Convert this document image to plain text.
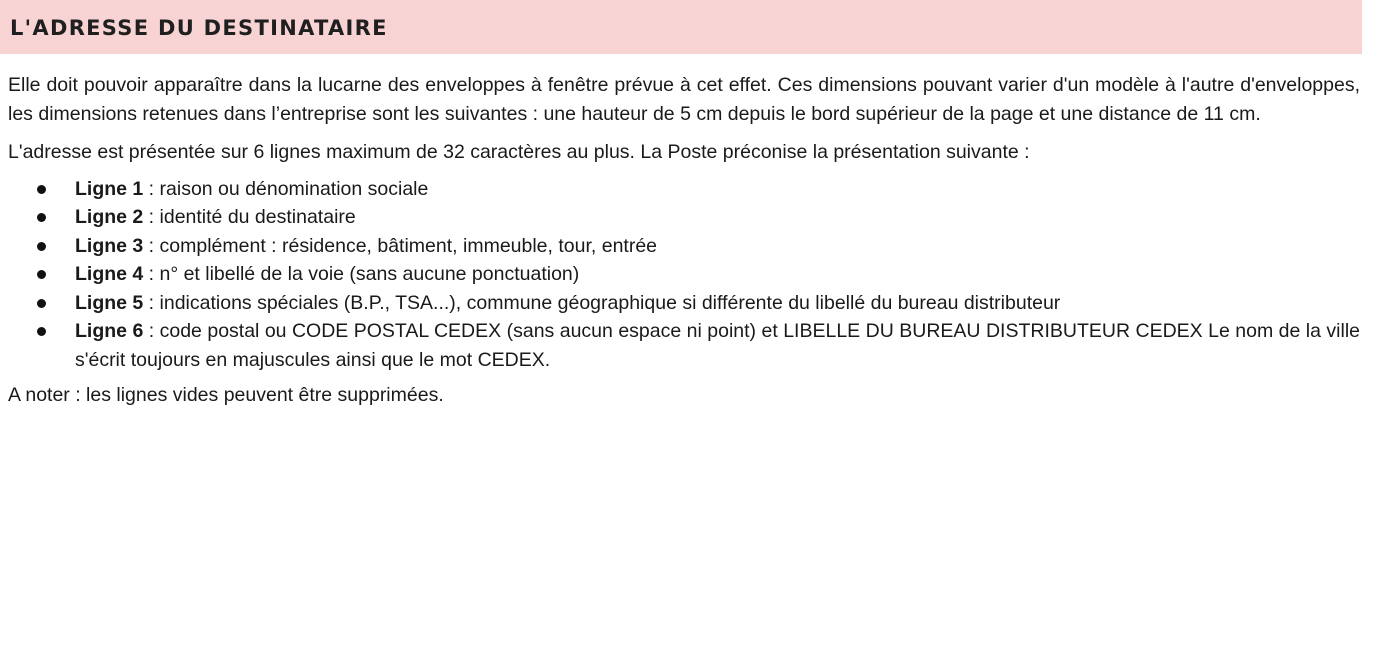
L'ADRESSE DU DESTINATAIRE

Elle doit pouvoir apparaître dans la lucarne des enveloppes à fenêtre prévue à cet effet. Ces dimensions pouvant varier d'un modèle à l'autre d'enveloppes, les dimensions retenues dans l’entreprise sont les suivantes : une hauteur de 5 cm depuis le bord supérieur de la page et une distance de 11 cm.

L'adresse est présentée sur 6 lignes maximum de 32 caractères au plus. La Poste préconise la présentation suivante :

Ligne 1 : raison ou dénomination sociale
Ligne 2 : identité du destinataire
Ligne 3 : complément : résidence, bâtiment, immeuble, tour, entrée
Ligne 4 : n° et libellé de la voie (sans aucune ponctuation)
Ligne 5 : indications spéciales (B.P., TSA...), commune géographique si différente du libellé du bureau distributeur
Ligne 6 : code postal ou CODE POSTAL CEDEX (sans aucun espace ni point) et LIBELLE DU BUREAU DISTRIBUTEUR CEDEX Le nom de la ville s'écrit toujours en majuscules ainsi que le mot CEDEX.

A noter : les lignes vides peuvent être supprimées.
